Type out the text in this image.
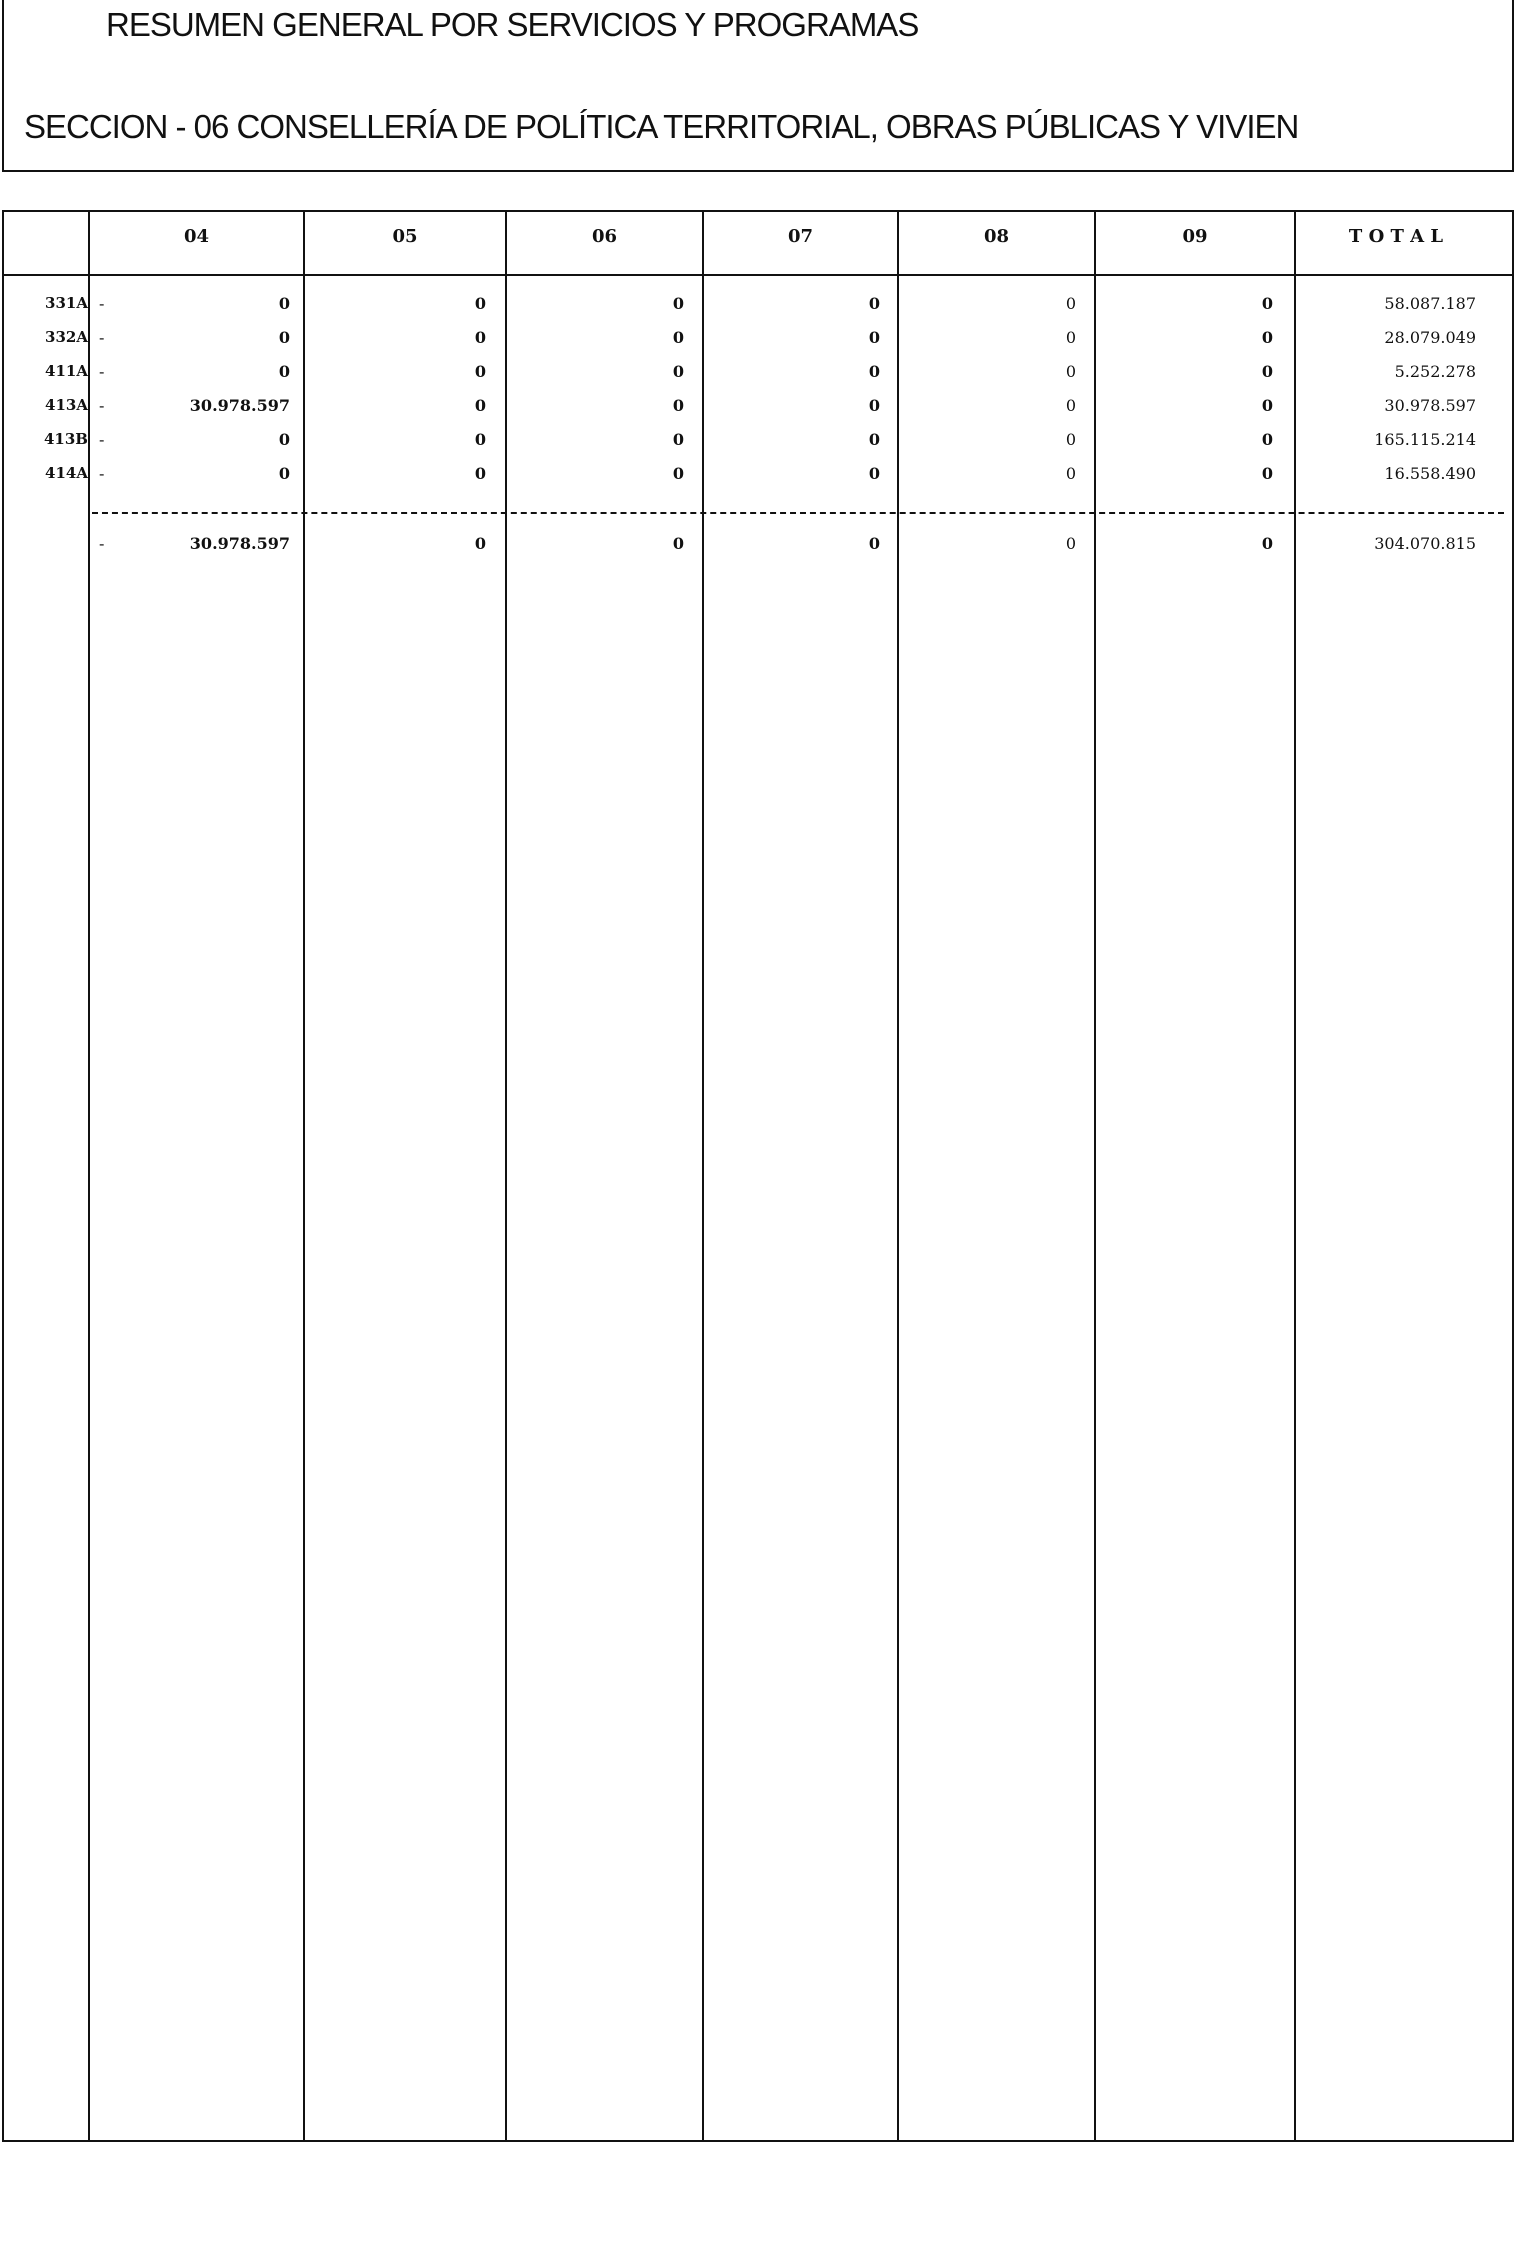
RESUMEN GENERAL POR SERVICIOS Y PROGRAMAS
SECCION - 06 CONSELLERÍA DE POLÍTICA TERRITORIAL, OBRAS PÚBLICAS Y VIVIEN
04	05	06	07	08	09	T O T A L
331A -	0	0	0	0	0	0	58.087.187
332A -	0	0	0	0	0	0	28.079.049
411A -	0	0	0	0	0	0	5.252.278
413A -	30.978.597	0	0	0	0	0	30.978.597
413B -	0	0	0	0	0	0	165.115.214
414A -	0	0	0	0	0	0	16.558.490
-	30.978.597	0	0	0	0	0	304.070.815
